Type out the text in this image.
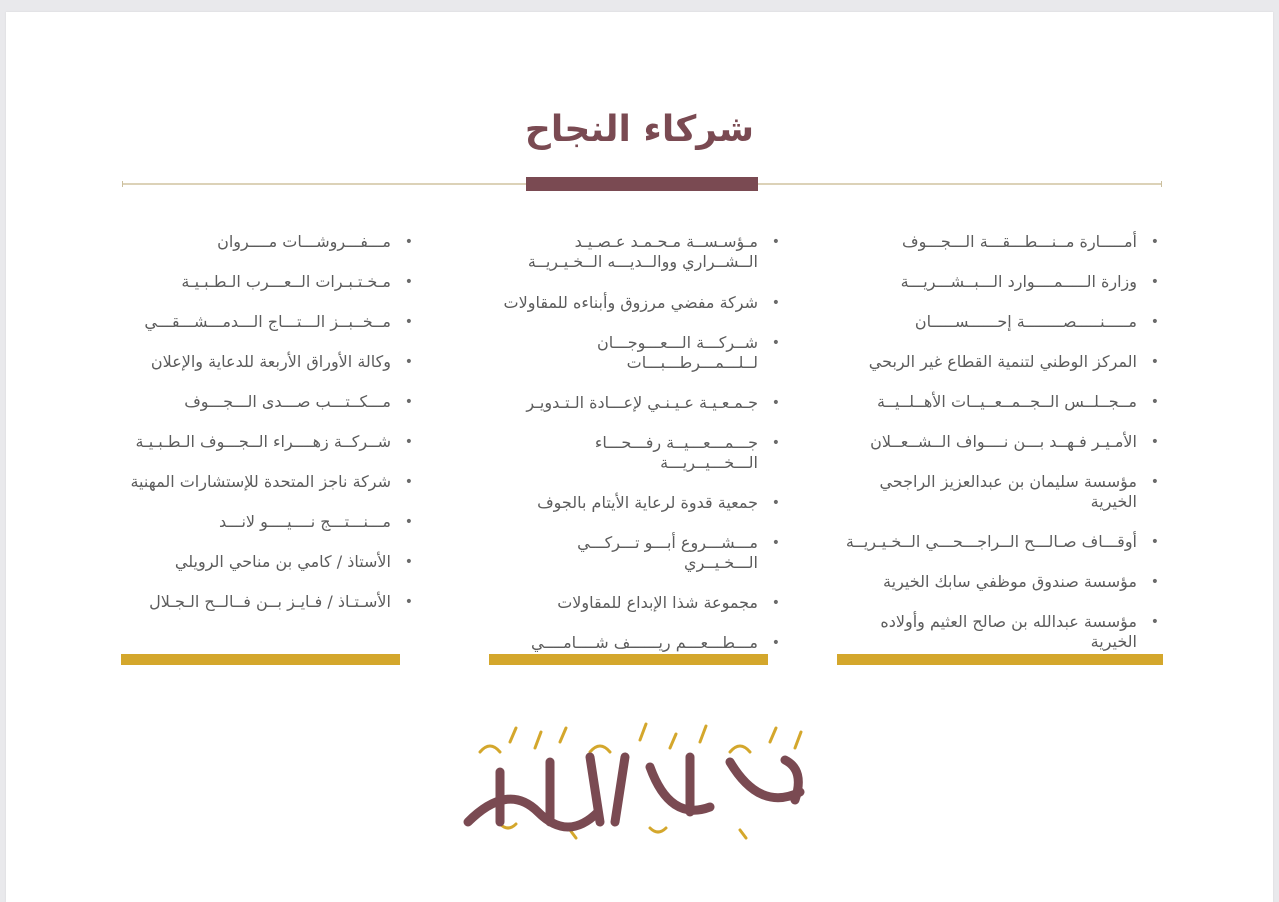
شركاء النجاح
• أمـــــارة مــنـــطـــقـــة الـــجـــوف
• وزارة الـــــمــــوارد الـــبــشـــريـــة
• مـــــنـــــصــــــــة إحــــــســـــان
• المركز الوطني لتنمية القطاع غير الربحي
• مــجــلــس الــجــمــعــيــات الأهــلــيــة
• الأمـيـر فـهــد بـــن نــــواف الــشــعــلان
• مؤسسة سليمان بن عبدالعزيز الراجحي الخيرية
• أوقـــاف صـالـــح الــراجـــحـــي الــخـيـريــة
• مؤسسة صندوق موظفي سابك الخيرية
• مؤسسة عبدالله بن صالح العثيم وأولاده الخيرية
• مـؤسـســة مـحـمـد عـصـيـد الــشــراري ووالــديـــه الــخـيـريــة
• شركة مفضي مرزوق وأبناءه للمقاولات
• شــركـــة الـــعـــوجـــان لــلـــمـــرطـــبـــات
• جـمـعـيـة عـيـنـي لإعـــادة الـتـدويـر
• جـــمـــعـــيــة رفـــحـــاء الـــخـــيــريـــة
• جمعية قدوة لرعاية الأيتام بالجوف
• مـــشـــروع أبـــو تـــركـــي الـــخـيــري
• مجموعة شذا الإبداع للمقاولات
• مـــطـــعـــم ريــــــف شــــامــــي
• مـــفـــروشـــات مــــروان
• مـخـتـبـرات الــعـــرب الـطـبـيـة
• مــخــبــز الـــتـــاج الـــدمـــشـــقـــي
• وكالة الأوراق الأربعة للدعاية والإعلان
• مـــكــتـــب صـــدى الـــجـــوف
• شــركــة زهــــراء الــجـــوف الـطـبـيـة
• شركة ناجز المتحدة للإستشارات المهنية
• مـــنـــتـــج نــــيــــو لانـــد
• الأستاذ / كامي بن مناحي الرويلي
• الأسـتـاذ / فـايـز بــن فــالــح الـجـلال
